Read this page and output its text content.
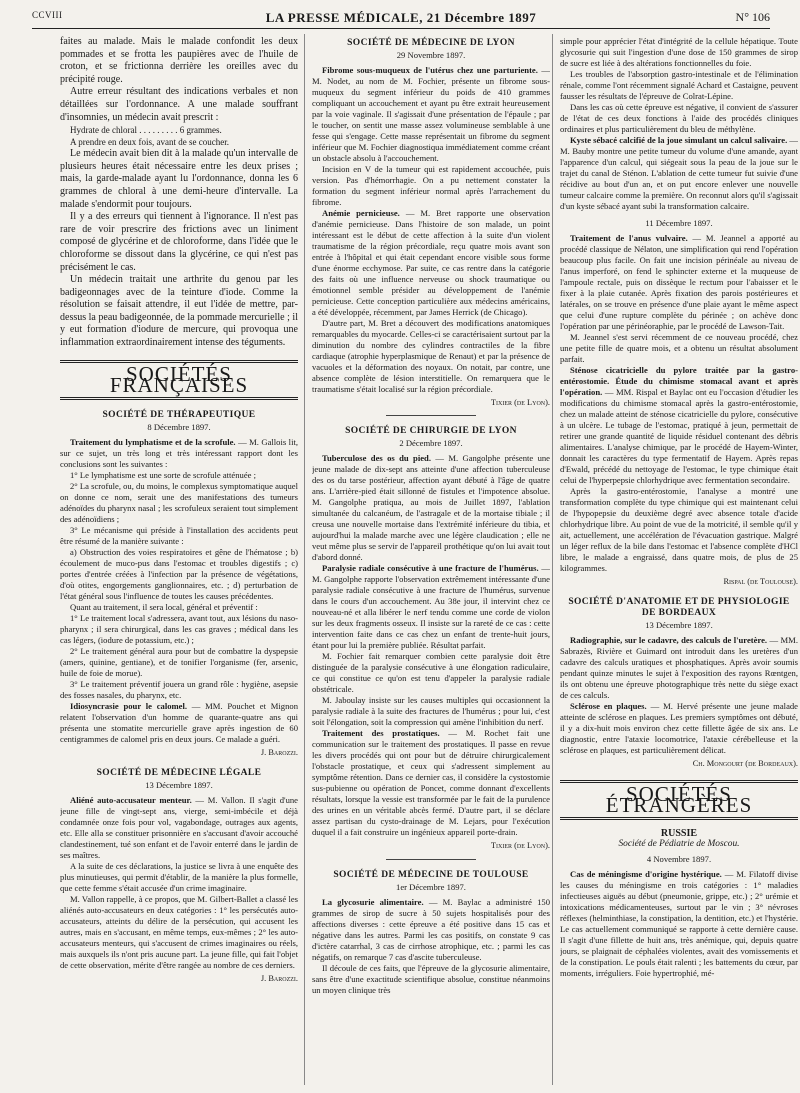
CCVIII	LA PRESSE MÉDICALE, 21 Décembre 1897	N° 106

faites au malade. Mais le malade confondit les deux pommades et se frotta les paupières avec de l'huile de croton, et se frictionna derrière les oreilles avec du précipité rouge.

Autre erreur résultant des indications verbales et non détaillées sur l'ordonnance. A une malade souffrant d'insomnies, un médecin avait prescrit :

Hydrate de chloral . . . . . . . . . 6 grammes.

A prendre en deux fois, avant de se coucher.

Le médecin avait bien dit à la malade qu'un intervalle de plusieurs heures était nécessaire entre les deux prises ; mais, la garde-malade ayant lu l'ordonnance, donna les 6 grammes de chloral à une demi-heure d'intervalle. La malade s'endormit pour toujours.

Il y a des erreurs qui tiennent à l'ignorance. Il n'est pas rare de voir prescrire des frictions avec un liniment composé de glycérine et de chloroforme, dans l'idée que le chloroforme se dissout dans la glycérine, ce qui n'est pas précisément le cas.

Un médecin traitait une arthrite du genou par les badigeonnages avec de la teinture d'iode. Comme la résolution se faisait attendre, il eut l'idée de mettre, par-dessus la peau badigeonnée, de la pommade mercurielle ; il y eut formation d'iodure de mercure, qui provoqua une inflammation extraordinairement intense des téguments.

SOCIÉTÉS FRANÇAISES
SOCIÉTÉ DE THÉRAPEUTIQUE
8 Décembre 1897.

Traitement du lymphatisme et de la scrofule. — M. Gallois lit, sur ce sujet, un très long et très intéressant rapport dont les conclusions sont les suivantes :

1° Le lymphatisme est une sorte de scrofule atténuée ;

2° La scrofule, ou, du moins, le complexus symptomatique auquel on donne ce nom, serait une des manifestations des tumeurs adénoïdes du pharynx nasal ; les scrofuleux seraient tout simplement des adénoïdiens ;

3° Le mécanisme qui préside à l'installation des accidents peut être résumé de la manière suivante :

a) Obstruction des voies respiratoires et gêne de l'hématose ; b) écoulement de muco-pus dans l'estomac et troubles digestifs ; c) portes d'entrée créées à l'infection par la présence de végétations, d'où otites, engorgements ganglionnaires, etc. ; d) perturbation de l'état général sous l'influence de toutes les causes précédentes.

Quant au traitement, il sera local, général et préventif :

1° Le traitement local s'adressera, avant tout, aux lésions du naso-pharynx ; il sera chirurgical, dans les cas graves ; médical dans les cas légers, (iodure de potassium, etc.) ;

2° Le traitement général aura pour but de combattre la dyspepsie (amers, quinine, gentiane), et de tonifier l'organisme (fer, arsenic, huile de foie de morue).

3° Le traitement préventif jouera un grand rôle : hygiène, asepsie des fosses nasales, du pharynx, etc.

Idiosyncrasie pour le calomel. — MM. Pouchet et Mignon relatent l'observation d'un homme de quarante-quatre ans qui présenta une stomatite mercurielle grave après ingestion de 60 centigrammes de calomel pris en deux jours. Ce malade a guéri.

J. Barozzi.
SOCIÉTÉ DE MÉDECINE LÉGALE
13 Décembre 1897.

Aliéné auto-accusateur menteur. — M. Vallon. Il s'agit d'une jeune fille de vingt-sept ans, vierge, semi-imbécile et déjà condamnée onze fois pour vol, vagabondage, outrages aux agents, etc. Elle alla se constituer prisonnière en s'accusant d'avoir accouché clandestinement, tué son enfant et de l'avoir enterré dans le jardin de ses maîtres.

A la suite de ces déclarations, la justice se livra à une enquête des plus minutieuses, qui permit d'établir, de la manière la plus formelle, que cette femme s'était accusée d'un crime imaginaire.

M. Vallon rappelle, à ce propos, que M. Gilbert-Ballet a classé les aliénés auto-accusateurs en deux catégories : 1° les persécutés auto-accusateurs, atteints du délire de la persécution, qui accusent les autres, mais en s'accusant, en même temps, eux-mêmes ; 2° les auto-accusateurs menteurs, qui s'accusent de crimes imaginaires ou réels, mais auxquels ils n'ont pris aucune part. La jeune fille, qui fait l'objet de cette observation, mérite d'être rangée au nombre de ces derniers.

J. Barozzi.
SOCIÉTÉ DE MÉDECINE DE LYON
29 Novembre 1897.

Fibrome sous-muqueux de l'utérus chez une parturiente. — M. Nodet, au nom de M. Fochier, présente un fibrome sous-muqueux du segment inférieur du poids de 410 grammes compliquant un accouchement et ayant pu être extrait heureusement par la voie vaginale. Il s'agissait d'une présentation de l'épaule ; par le toucher, on sentit une masse assez volumineuse semblable à une fesse qui s'engage. Cette masse représentait un fibrome du segment inférieur que M. Fochier diagnostiqua immédiatement comme créant un obstacle absolu à l'accouchement.

Incision en V de la tumeur qui est rapidement accouchée, puis version. Pas d'hémorrhagie. On a pu nettement constater la formation du segment inférieur normal après l'arrachement du fibrome.

Anémie pernicieuse. — M. Bret rapporte une observation d'anémie pernicieuse. Dans l'histoire de son malade, un point intéressant est le début de cette affection à la suite d'un violent traumatisme de la région précordiale, reçu quatre mois avant son entrée à l'hôpital et qui était cependant encore visible sous forme d'une énorme ecchymose. Par suite, ce cas rentre dans la catégorie des faits où une influence nerveuse ou shock traumatique ou émotionnel semble présider au développement de l'anémie pernicieuse. Cette conception particulière aux médecins américains, a été développée, récemment, par James Herrick (de Chicago).

D'autre part, M. Bret a découvert des modifications anatomiques remarquables du myocarde. Celles-ci se caractérisaient surtout par la diminution du nombre des cylindres contractiles de la fibre cardiaque (atrophie hyperplasmique de Renaut) et par la présence de vacuoles et la déformation des noyaux. On notait, par contre, une absence complète de lésion interstitielle. On remarquera que le traumatisme s'était localisé sur la région précordiale.

Tixier (de Lyon).
SOCIÉTÉ DE CHIRURGIE DE LYON
2 Décembre 1897.

Tuberculose des os du pied. — M. Gangolphe présente une jeune malade de dix-sept ans atteinte d'une affection tuberculeuse des os du tarse postérieur, affection ayant débuté à l'âge de quatre ans. L'arrière-pied était sillonné de fistules et l'impotence absolue. M. Gangolphe pratiqua, au mois de Juillet 1897, l'ablation simultanée du calcanéum, de l'astragale et de la mortaise tibiale ; il creusa une nouvelle mortaise dans l'extrémité inférieure du tibia, et aujourd'hui la malade marche avec une légère claudication ; elle ne veut même plus se servir de l'appareil prothétique qu'on lui avait tout d'abord donné.

Paralysie radiale consécutive à une fracture de l'humérus. — M. Gangolphe rapporte l'observation extrêmement intéressante d'une paralysie radiale consécutive à une fracture de l'humérus, survenue dans le cours d'un accouchement. Au 38e jour, il intervint chez ce nouveau-né et alla libérer le nerf tendu comme une corde de violon sur les deux fragments osseux. Il insiste sur la rareté de ce cas : cette intervention faite dans ce cas chez un enfant de trente-huit jours, étant pour lui la première publiée. Résultat parfait.

M. Fochier fait remarquer combien cette paralysie doit être distinguée de la paralysie consécutive à une élongation radiculaire, ce qui constitue ce qu'on est tenu d'appeler la paralysie radiale obstétricale.

M. Jaboulay insiste sur les causes multiples qui occasionnent la paralysie radiale à la suite des fractures de l'humérus ; pour lui, c'est soit l'élongation, soit la compression qui amène l'inhibition du nerf.

Traitement des prostatiques. — M. Rochet fait une communication sur le traitement des prostatiques. Il passe en revue les divers procédés qui ont pour but de détruire chirurgicalement l'obstacle prostatique, et ceux qui s'adressent simplement au symptôme rétention. Dans ce dernier cas, il considère la cystostomie sus-pubienne ou opération de Poncet, comme donnant d'excellents résultats, lorsque la vessie est transformée par le fait de la purulence des urines en un véritable abcès fermé. D'autre part, il se déclare assez partisan du cysto-drainage de M. Lejars, pour l'exécution duquel il a fait construire un ingénieux appareil porte-drain.

Tixier (de Lyon).
SOCIÉTÉ DE MÉDECINE DE TOULOUSE
1er Décembre 1897.

La glycosurie alimentaire. — M. Baylac a administré 150 grammes de sirop de sucre à 50 sujets hospitalisés pour des affections diverses : cette épreuve a été positive dans 15 cas et négative dans les autres. Parmi les cas positifs, on constate 9 cas d'ictère catarrhal, 3 cas de cirrhose atrophique, etc. ; parmi les cas négatifs, on remarque 7 cas d'ascite tuberculeuse.

Il découle de ces faits, que l'épreuve de la glycosurie alimentaire, sans être d'une exactitude scientifique absolue, constitue néanmoins un moyen clinique très

simple pour apprécier l'état d'intégrité de la cellule hépatique. Toute glycosurie qui suit l'ingestion d'une dose de 150 grammes de sirop de sucre est liée à des altérations fonctionnelles du foie.

Les troubles de l'absorption gastro-intestinale et de l'élimination rénale, comme l'ont récemment signalé Achard et Castaigne, peuvent fausser les résultats de l'épreuve de Colrat-Lépine.

Dans les cas où cette épreuve est négative, il convient de s'assurer de l'état de ces deux fonctions à l'aide des procédés cliniques ordinaires et plus particulièrement du bleu de méthylène.

Kyste sébacé calcifié de la joue simulant un calcul salivaire. — M. Bauby montre une petite tumeur du volume d'une amande, ayant l'apparence d'un calcul, qui siégeait sous la peau de la joue sur le trajet du canal de Sténon. L'ablation de cette tumeur fut suivie d'une récidive au bout d'un an, et on put encore enlever une nouvelle tumeur calcaire comme la première. On reconnut alors qu'il s'agissait d'un kyste sébacé ayant subi la transformation calcaire.

11 Décembre 1897.

Traitement de l'anus vulvaire. — M. Jeannel a apporté au procédé classique de Nélaton, une simplification qui rend l'opération beaucoup plus facile. On fait une incision périnéale au niveau de l'anus imperforé, on fend le sphincter externe et la muqueuse de l'ampoule rectale, puis on dissèque le rectum pour l'abaisser et le fixer à la plaie cutanée. Après fixation des parois postérieures et latérales, on se trouve en présence d'une plaie ayant le même aspect que celui d'une rupture complète du périnée ; on achève donc l'opération par une périnéoraphie, par le procédé de Lawson-Tait.

M. Jeannel s'est servi récemment de ce nouveau procédé, chez une petite fille de quatre mois, et a obtenu un résultat absolument parfait.

Sténose cicatricielle du pylore traitée par la gastro-entérostomie. Étude du chimisme stomacal avant et après l'opération. — MM. Rispal et Baylac ont eu l'occasion d'étudier les modifications du chimisme stomacal après la gastro-entérostomie, chez un malade atteint de sténose cicatricielle du pylore, consécutive à un ulcère. Le tubage de l'estomac, pratiqué à jeun, permettait de retirer une grande quantité de liquide résiduel contenant des débris alimentaires. L'analyse chimique, par le procédé de Hayem-Winter, donnait les caractères du type fermentatif de Hayem. Après repas d'Ewald, précédé du nettoyage de l'estomac, le type chimique était celui de l'hyperpepsie chlorhydrique avec fermentation secondaire.

Après la gastro-entérostomie, l'analyse a montré une transformation complète du type chimique qui est maintenant celui de l'hypopepsie du deuxième degré avec absence totale d'acide chlorhydrique libre. Au point de vue de la motricité, il semble qu'il y ait, actuellement, une accélération de l'évacuation gastrique. Malgré un léger reflux de la bile dans l'estomac et l'absence complète d'HCl libre, le malade a engraissé, dans quatre mois, de plus de 25 kilogrammes.

Rispal (de Toulouse).
SOCIÉTÉ D'ANATOMIE ET DE PHYSIOLOGIE DE BORDEAUX
13 Décembre 1897.

Radiographie, sur le cadavre, des calculs de l'uretère. — MM. Sabrazès, Rivière et Guimard ont introduit dans les uretères d'un cadavre des calculs uratiques et phosphatiques. Après avoir soumis pendant quinze minutes le sujet à l'exposition des rayons Rœntgen, ils ont obtenu une épreuve photographique très nette du siège exact de ces calculs.

Sclérose en plaques. — M. Hervé présente une jeune malade atteinte de sclérose en plaques. Les premiers symptômes ont débuté, il y a dix-huit mois environ chez cette fillette âgée de six ans. Le diagnostic, entre l'ataxie locomotrice, l'ataxie cérébelleuse et la sclérose en plaques, est particulièrement délicat.

Ch. Mongourt (de Bordeaux).
SOCIÉTÉS ÉTRANGÈRES
RUSSIE
Société de Pédiatrie de Moscou.
4 Novembre 1897.

Cas de méningisme d'origine hystérique. — M. Filatoff divise les causes du méningisme en trois catégories : 1° maladies infectieuses aiguës au début (pneumonie, grippe, etc.) ; 2° urémie et intoxications médicamenteuses, surtout par le vin ; 3° névroses réflexes (helminthiase, la constipation, la dentition, etc.) et l'hystérie. Le cas actuellement communiqué se rapporte à cette dernière cause. Il s'agit d'une fillette de huit ans, très anémique, qui, depuis quatre jours, se plaignait de céphalées violentes, avait des vomissements et de la constipation. Le pouls était ralenti ; les battements du cœur, par moments, irréguliers. Foie hypertrophié, mé-
